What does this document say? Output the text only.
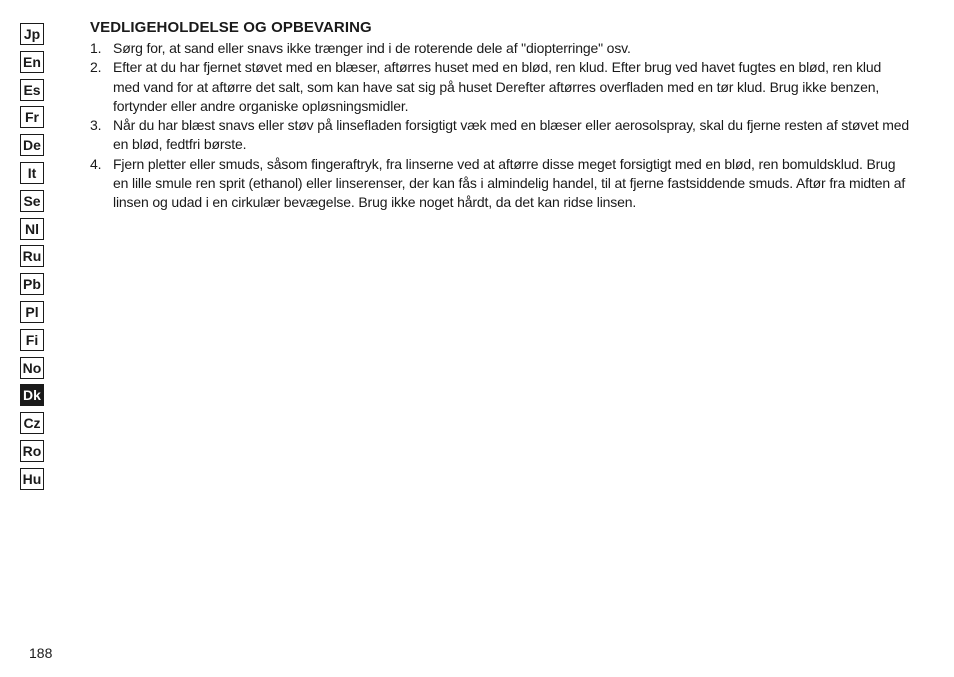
Jp
En
Es
Fr
De
It
Se
Nl
Ru
Pb
Pl
Fi
No
Dk
Cz
Ro
Hu
VEDLIGEHOLDELSE OG OPBEVARING
1. Sørg for, at sand eller snavs ikke trænger ind i de roterende dele af "diopterringe" osv.
2. Efter at du har fjernet støvet med en blæser, aftørres huset med en blød, ren klud. Efter brug ved havet fugtes en blød, ren klud med vand for at aftørre det salt, som kan have sat sig på huset Derefter aftørres overfladen med en tør klud. Brug ikke benzen, fortynder eller andre organiske opløsningsmidler.
3. Når du har blæst snavs eller støv på linsefladen forsigtigt væk med en blæser eller aerosolspray, skal du fjerne resten af støvet med en blød, fedtfri børste.
4. Fjern pletter eller smuds, såsom fingeraftryk, fra linserne ved at aftørre disse meget forsigtigt med en blød, ren bomuldsklud. Brug en lille smule ren sprit (ethanol) eller linserenser, der kan fås i almindelig handel, til at fjerne fastsiddende smuds. Aftør fra midten af linsen og udad i en cirkulær bevægelse. Brug ikke noget hårdt, da det kan ridse linsen.
188
